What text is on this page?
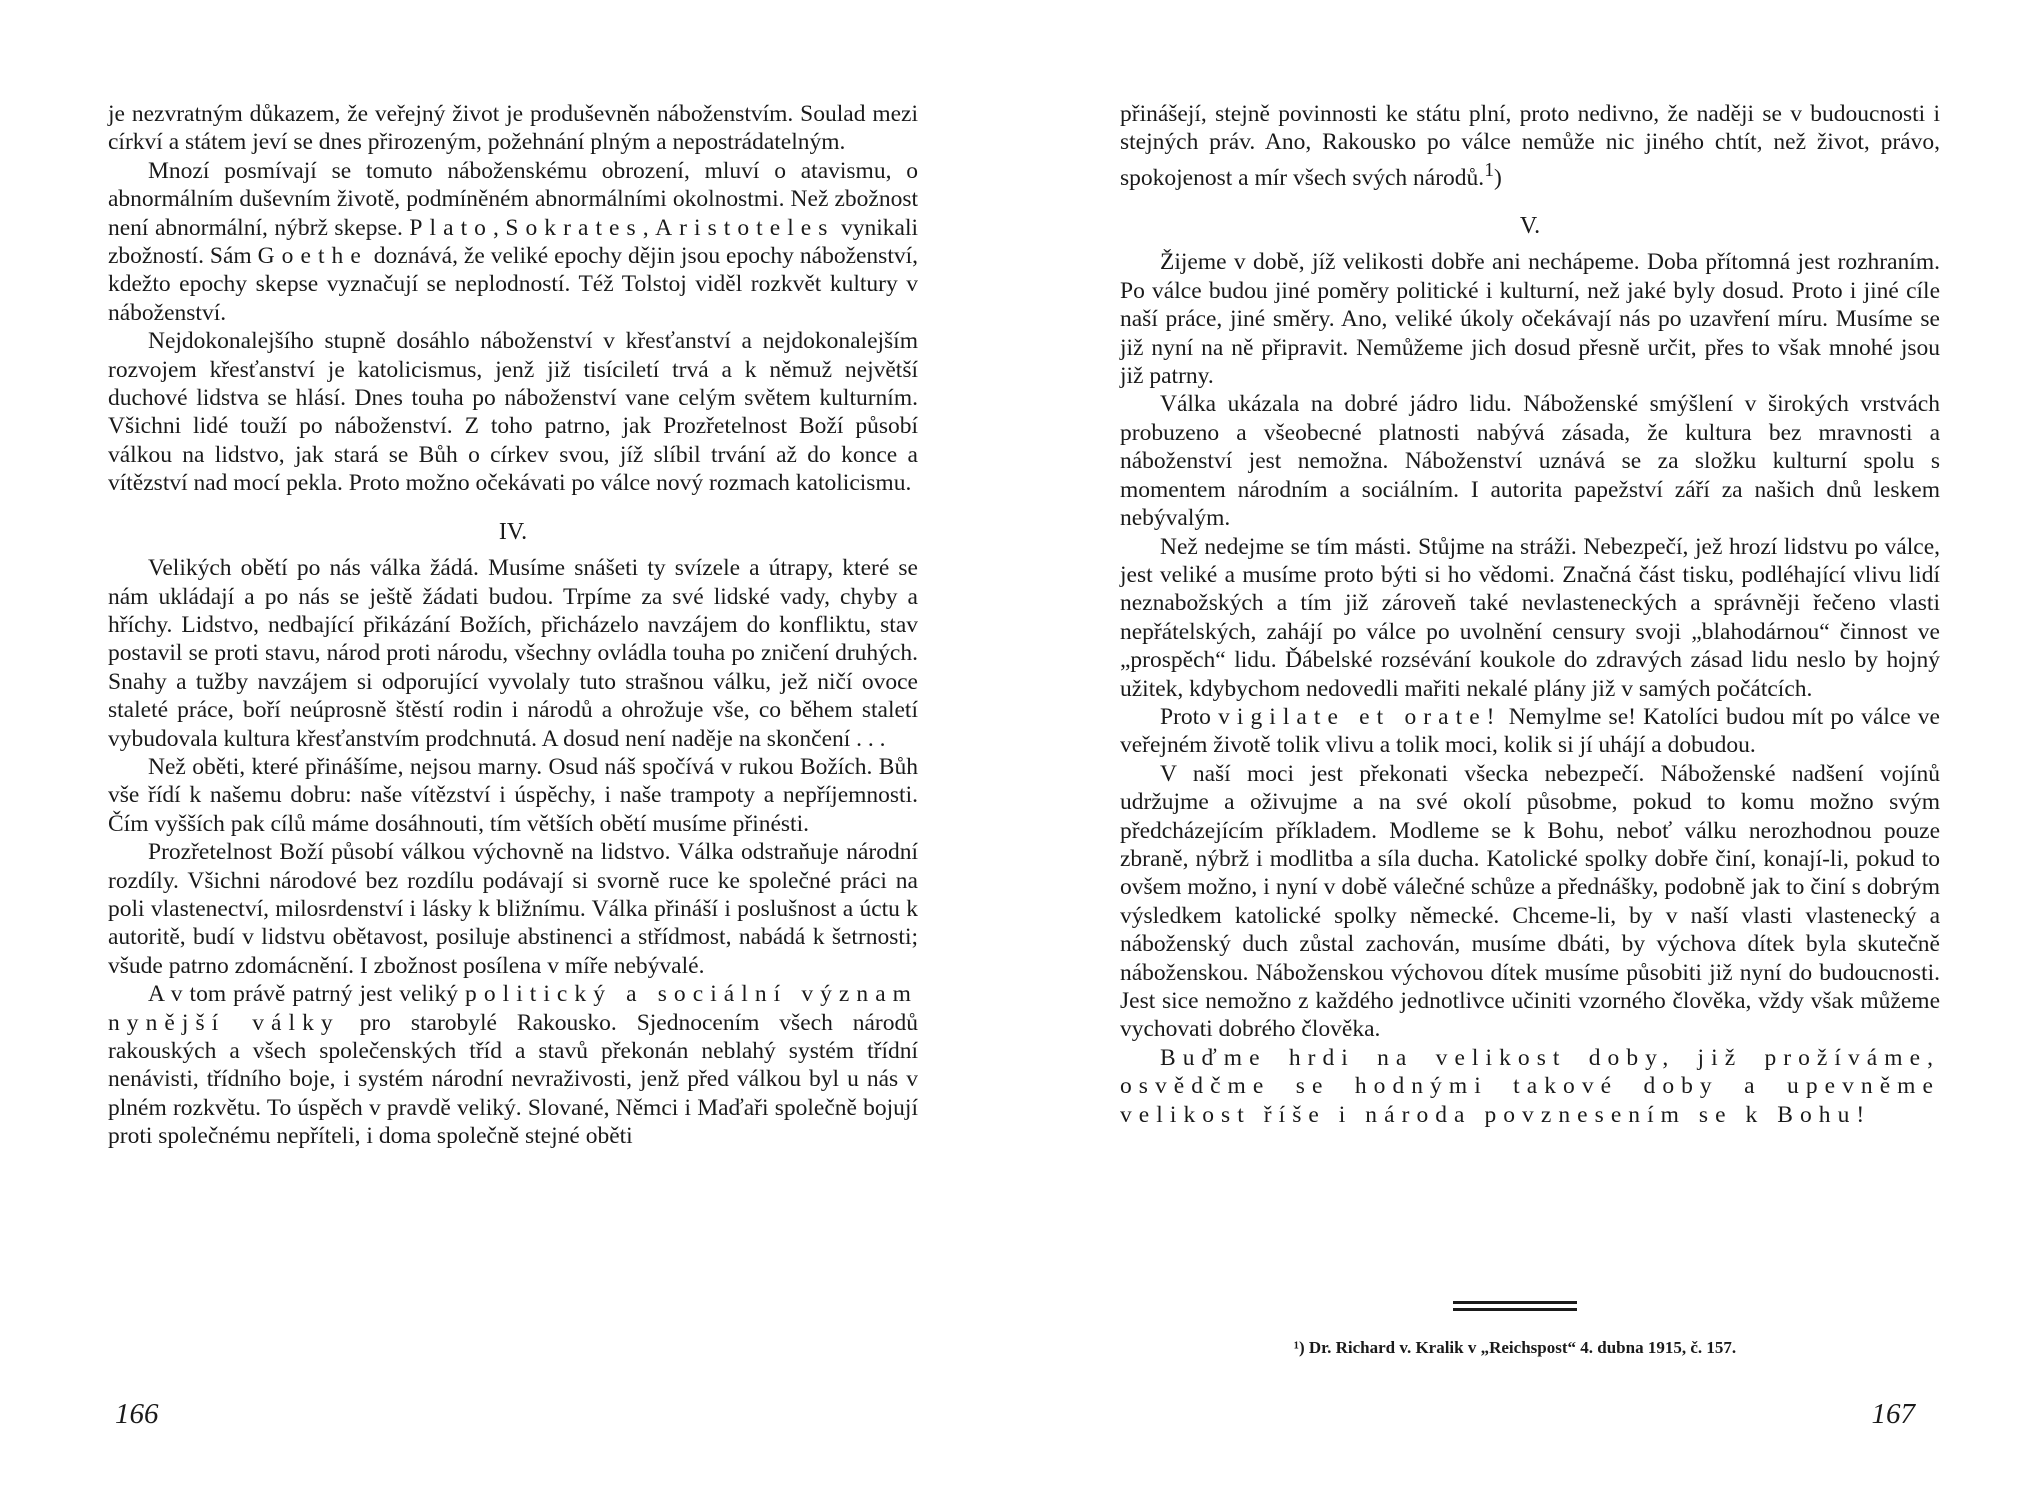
je nezvratným důkazem, že veřejný život je produševněn náboženstvím. Soulad mezi církví a státem jeví se dnes přirozeným, požehnání plným a nepostrádatelným.

Mnozí posmívají se tomuto náboženskému obrození, mluví o atavismu, o abnormálním duševním životě, podmíněném abnormálními okolnostmi. Než zbožnost není abnormální, nýbrž skepse. Plato, Sokrates, Aristoteles vynikali zbožností. Sám Goethe doznává, že veliké epochy dějin jsou epochy náboženství, kdežto epochy skepse vyznačují se neplodností. Též Tolstoj viděl rozkvět kultury v náboženství.

Nejdokonalejšího stupně dosáhlo náboženství v křesťanství a nejdokonalejším rozvojem křesťanství je katolicismus, jenž již tisíciletí trvá a k němuž největší duchové lidstva se hlásí. Dnes touha po náboženství vane celým světem kulturním. Všichni lidé touží po náboženství. Z toho patrno, jak Prozřetelnost Boží působí válkou na lidstvo, jak stará se Bůh o církev svou, jíž slíbil trvání až do konce a vítězství nad mocí pekla. Proto možno očekávati po válce nový rozmach katolicismu.

IV.

Velikých obětí po nás válka žádá. Musíme snášeti ty svízele a útrapy, které se nám ukládají a po nás se ještě žádati budou. Trpíme za své lidské vady, chyby a hříchy. Lidstvo, nedbající přikázání Božích, přicházelo navzájem do konfliktu, stav postavil se proti stavu, národ proti národu, všechny ovládla touha po zničení druhých. Snahy a tužby navzájem si odporující vyvolaly tuto strašnou válku, jež ničí ovoce staleté práce, boří neúprosně štěstí rodin i národů a ohrožuje vše, co během staletí vybudovala kultura křesťanstvím prodchnutá. A dosud není naděje na skončení . . .

Než oběti, které přinášíme, nejsou marny. Osud náš spočívá v rukou Božích. Bůh vše řídí k našemu dobru: naše vítězství i úspěchy, i naše trampoty a nepříjemnosti. Čím vyšších pak cílů máme dosáhnouti, tím větších obětí musíme přinésti.

Prozřetelnost Boží působí válkou výchovně na lidstvo. Válka odstraňuje národní rozdíly. Všichni národové bez rozdílu podávají si svorně ruce ke společné práci na poli vlastenectví, milosrdenství i lásky k bližnímu. Válka přináší i poslušnost a úctu k autoritě, budí v lidstvu obětavost, posiluje abstinenci a střídmost, nabádá k šetrnosti; všude patrno zdomácnění. I zbožnost posílena v míře nebývalé.

A v tom právě patrný jest veliký politický a sociální význam nynější války pro starobylé Rakousko. Sjednocením všech národů rakouských a všech společenských tříd a stavů překonán neblahý systém třídní nenávisti, třídního boje, i systém národní nevraživosti, jenž před válkou byl u nás v plném rozkvětu. To úspěch v pravdě veliký. Slované, Němci i Maďaři společně bojují proti společnému nepříteli, i doma společně stejné oběti

166

přinášejí, stejně povinnosti ke státu plní, proto nedivno, že naději se v budoucnosti i stejných práv. Ano, Rakousko po válce nemůže nic jiného chtít, než život, právo, spokojenost a mír všech svých národů.$^1$)

V.

Žijeme v době, jíž velikosti dobře ani nechápeme. Doba přítomná jest rozhraním. Po válce budou jiné poměry politické i kulturní, než jaké byly dosud. Proto i jiné cíle naší práce, jiné směry. Ano, veliké úkoly očekávají nás po uzavření míru. Musíme se již nyní na ně připravit. Nemůžeme jich dosud přesně určit, přes to však mnohé jsou již patrny.

Válka ukázala na dobré jádro lidu. Náboženské smýšlení v širokých vrstvách probuzeno a všeobecné platnosti nabývá zásada, že kultura bez mravnosti a náboženství jest nemožna. Náboženství uznává se za složku kulturní spolu s momentem národním a sociálním. I autorita papežství září za našich dnů leskem nebývalým.

Než nedejme se tím másti. Stůjme na stráži. Nebezpečí, jež hrozí lidstvu po válce, jest veliké a musíme proto býti si ho vědomi. Značná část tisku, podléhající vlivu lidí neznabožských a tím již zároveň také nevlasteneckých a správněji řečeno vlasti nepřátelských, zahájí po válce po uvolnění censury svoji „blahodárnou“ činnost ve „prospěch“ lidu. Ďábelské rozsévání koukole do zdravých zásad lidu neslo by hojný užitek, kdybychom nedovedli mařiti nekalé plány již v samých počátcích.

Proto vigilate et orate! Nemylme se! Katolíci budou mít po válce ve veřejném životě tolik vlivu a tolik moci, kolik si jí uhájí a dobudou.

V naší moci jest překonati všecka nebezpečí. Náboženské nadšení vojínů udržujme a oživujme a na své okolí působme, pokud to komu možno svým předcházejícím příkladem. Modleme se k Bohu, neboť válku nerozhodnou pouze zbraně, nýbrž i modlitba a síla ducha. Katolické spolky dobře činí, konají-li, pokud to ovšem možno, i nyní v době válečné schůze a přednášky, podobně jak to činí s dobrým výsledkem katolické spolky německé. Chceme-li, by v naší vlasti vlastenecký a náboženský duch zůstal zachován, musíme dbáti, by výchova dítek byla skutečně náboženskou. Náboženskou výchovou dítek musíme působiti již nyní do budoucnosti. Jest sice nemožno z každého jednotlivce učiniti vzorného člověka, vždy však můžeme vychovati dobrého člověka.

Buďme hrdi na velikost doby, již prožíváme, osvědčme se hodnými takové doby a upevněme velikost říše i národa povznesením se k Bohu!

¹) Dr. Richard v. Kralik v „Reichspost“ 4. dubna 1915, č. 157.
167
